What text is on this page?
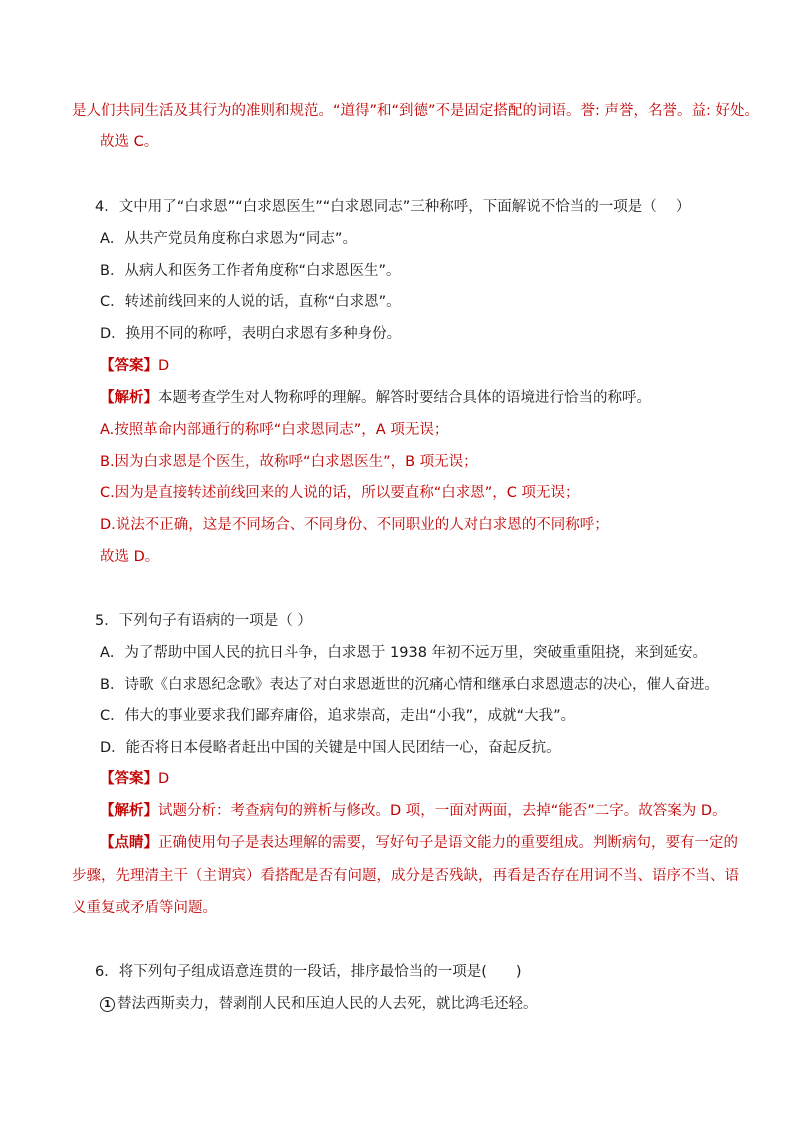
是人们共同生活及其行为的准则和规范。“道得”和“到德”不是固定搭配的词语。誉: 声誉，名誉。益: 好处。
故选 C。
4．文中用了“白求恩”“白求恩医生”“白求恩同志”三种称呼，下面解说不恰当的一项是（　 ）
A．从共产党员角度称白求恩为“同志”。
B．从病人和医务工作者角度称“白求恩医生”。
C．转述前线回来的人说的话，直称“白求恩”。
D．换用不同的称呼，表明白求恩有多种身份。
【答案】D
【解析】本题考查学生对人物称呼的理解。解答时要结合具体的语境进行恰当的称呼。
A.按照革命内部通行的称呼“白求恩同志”，A 项无误；
B.因为白求恩是个医生，故称呼“白求恩医生”，B 项无误；
C.因为是直接转述前线回来的人说的话，所以要直称“白求恩”，C 项无误；
D.说法不正确，这是不同场合、不同身份、不同职业的人对白求恩的不同称呼；
故选 D。
5．下列句子有语病的一项是（ ）
A．为了帮助中国人民的抗日斗争，白求恩于 1938 年初不远万里，突破重重阻挠，来到延安。
B．诗歌《白求恩纪念歌》表达了对白求恩逝世的沉痛心情和继承白求恩遗志的决心，催人奋进。
C．伟大的事业要求我们鄙弃庸俗，追求崇高，走出“小我”，成就“大我”。
D．能否将日本侵略者赶出中国的关键是中国人民团结一心，奋起反抗。
【答案】D
【解析】试题分析：考查病句的辨析与修改。D 项，一面对两面，去掉“能否”二字。故答案为 D。
【点睛】正确使用句子是表达理解的需要，写好句子是语文能力的重要组成。判断病句，要有一定的
步骤，先理清主干（主谓宾）看搭配是否有问题，成分是否残缺，再看是否存在用词不当、语序不当、语
义重复或矛盾等问题。
6．将下列句子组成语意连贯的一段话，排序最恰当的一项是(　　)
1 替法西斯卖力，替剥削人民和压迫人民的人去死，就比鸿毛还轻。
